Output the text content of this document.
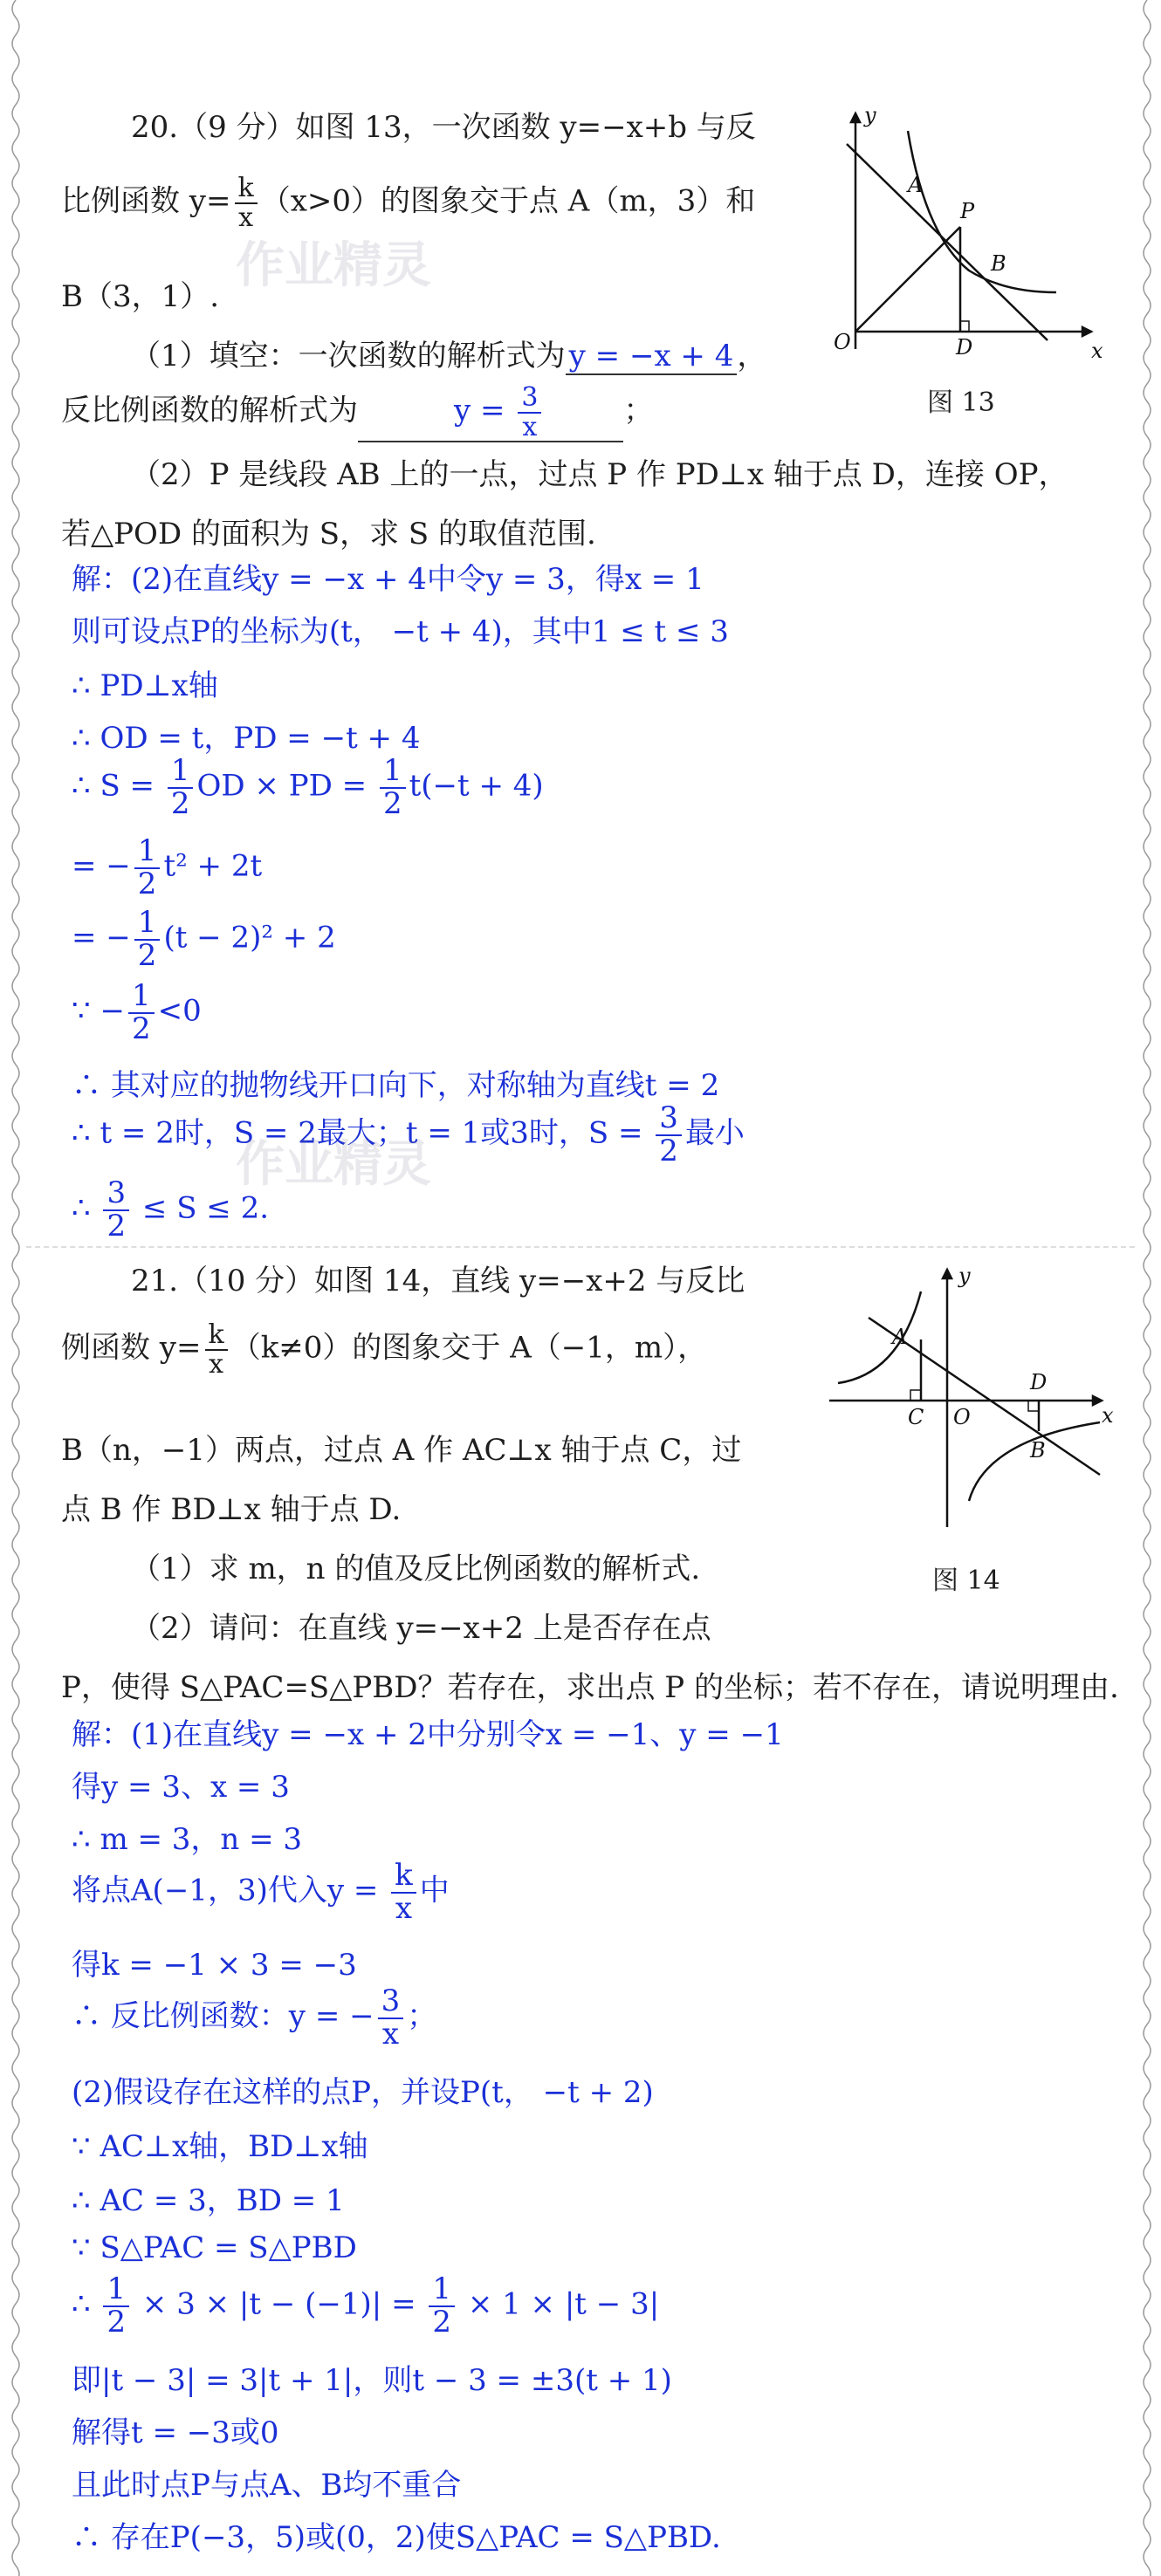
20.（9 分）如图 13，一次函数 y=−x+b 与反
比例函数 $y= \frac{k}{x} (x>0)$的图象交于点 A（m，3）和
B（3，1）.
（1）填空：一次函数的解析式为 y = −x + 4 ，
反比例函数的解析式为	$y = \frac{3}{x}$	；
（2）P 是线段 AB 上的一点，过点 P 作 PD⊥x 轴于点 D，连接 OP，
若△POD 的面积为 S，求 S 的取值范围.
y
x
O	D
A
P
B
图 13
解：(2)在直线y = −x + 4中令y = 3，得x = 1
则可设点P的坐标为(t， −t + 4)，其中1 ≤ t ≤ 3
∴ PD⊥x轴
∴ OD = t，PD = −t + 4
∴ $S = \frac{1}{2}$ OD × PD = $\frac{1}{2} t(-t + 4)$
= − $\frac{1}{2} t^2 + 2t$
= − $\frac{1}{2} (t - 2)^2 + 2$
∵ − $\frac{1}{2} <0$
∴ 其对应的抛物线开口向下，对称轴为直线t = 2
∴ t = 2时，S = 2最大；t = 1或3时，$S = \frac{3}{2}$ 最小
∴ $\frac{3}{2} \le S \le 2$.
21.（10 分）如图 14，直线 y=−x+2 与反比
例函数 $y= \frac{k}{x} (k\ne 0)$的图象交于 A（−1，m），
B（n，−1）两点，过点 A 作 AC⊥x 轴于点 C，过
点 B 作 BD⊥x 轴于点 D.
（1）求 m，n 的值及反比例函数的解析式.
（2）请问：在直线 y=−x+2 上是否存在点
P，使得 S△PAC=S△PBD？若存在，求出点 P 的坐标；若不存在，请说明理由.
y
x
O
A
C
D
B
图 14
解：(1)在直线y = −x + 2中分别令x = −1、y = −1
得y = 3、x = 3
∴ m = 3，n = 3
将点A(−1，3)代入$y = \frac{k}{x}$ 中
得k = −1 × 3 = −3
∴ 反比例函数：y = − $\frac{3}{x}$ ；
(2)假设存在这样的点P，并设P(t， −t + 2)
∵ AC⊥x轴，BD⊥x轴
∴ AC = 3，BD = 1
∵ S△PAC = S△PBD
∴ $\frac{1}{2} \times 3 \times |t - (-1)| = \frac{1}{2} \times 1 \times |t - 3|$
即|t − 3| = 3|t + 1|，则t − 3 = ±3(t + 1)
解得t = −3或0
且此时点P与点A、B均不重合
∴ 存在P(−3，5)或(0，2)使S△PAC = S△PBD.
作业精灵
作业精灵
